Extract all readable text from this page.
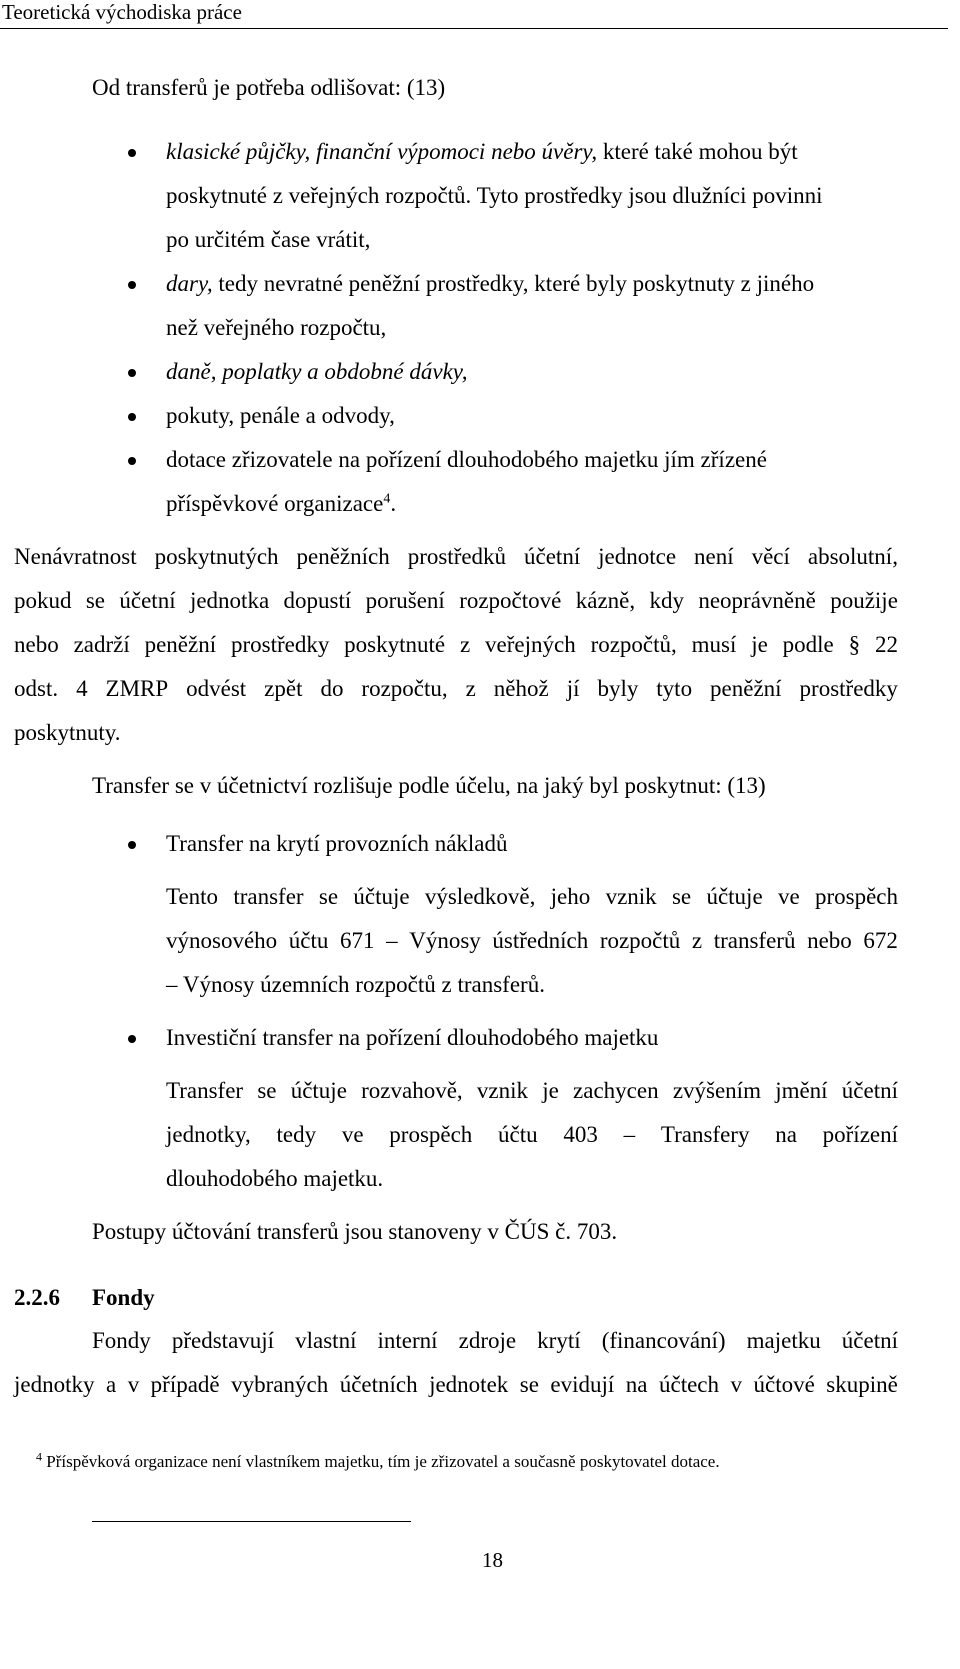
Teoretická východiska práce
Od transferů je potřeba odlišovat: (13)
klasické půjčky, finanční výpomoci nebo úvěry, které také mohou být
poskytnuté z veřejných rozpočtů. Tyto prostředky jsou dlužníci povinni
po určitém čase vrátit,
dary, tedy nevratné peněžní prostředky, které byly poskytnuty z jiného
než veřejného rozpočtu,
daně, poplatky a obdobné dávky,
pokuty, penále a odvody,
dotace zřizovatele na pořízení dlouhodobého majetku jím zřízené
příspěvkové organizace$^4$.
Nenávratnost poskytnutých peněžních prostředků účetní jednotce není věcí absolutní,
pokud se účetní jednotka dopustí porušení rozpočtové kázně, kdy neoprávněně použije
nebo zadrží peněžní prostředky poskytnuté z veřejných rozpočtů, musí je podle § 22
odst. 4 ZMRP odvést zpět do rozpočtu, z něhož jí byly tyto peněžní prostředky
poskytnuty.
Transfer se v účetnictví rozlišuje podle účelu, na jaký byl poskytnut: (13)
Transfer na krytí provozních nákladů
Tento transfer se účtuje výsledkově, jeho vznik se účtuje ve prospěch
výnosového účtu 671 – Výnosy ústředních rozpočtů z transferů nebo 672
– Výnosy územních rozpočtů z transferů.
Investiční transfer na pořízení dlouhodobého majetku
Transfer se účtuje rozvahově, vznik je zachycen zvýšením jmění účetní
jednotky, tedy ve prospěch účtu 403 – Transfery na pořízení
dlouhodobého majetku.
Postupy účtování transferů jsou stanoveny v ČÚS č. 703.
2.2.6 Fondy
Fondy představují vlastní interní zdroje krytí (financování) majetku účetní
jednotky a v případě vybraných účetních jednotek se evidují na účtech v účtové skupině
$^4$ Příspěvková organizace není vlastníkem majetku, tím je zřizovatel a současně poskytovatel dotace.
18
